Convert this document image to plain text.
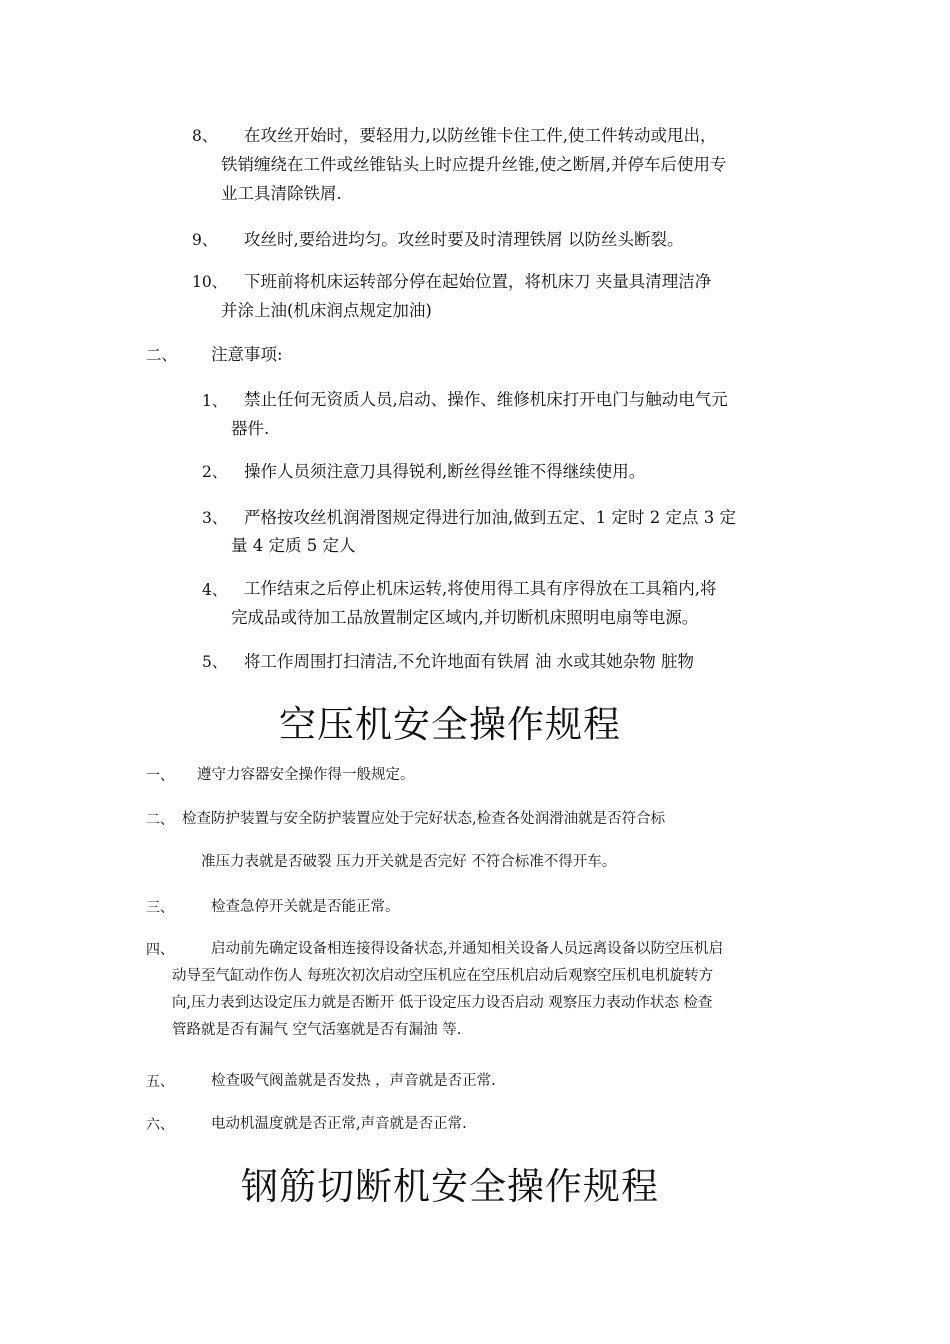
8、 在攻丝开始时，要轻用力,以防丝锥卡住工件,使工件转动或甩出，
铁销缠绕在工件或丝锥钻头上时应提升丝锥,使之断屑,并停车后使用专
业工具清除铁屑.
9、 攻丝时,要给进均匀。攻丝时要及时清理铁屑 以防丝头断裂。
10、 下班前将机床运转部分停在起始位置，将机床刀 夹量具清理洁净
并涂上油(机床润点规定加油)
二、 注意事项:
1、 禁止任何无资质人员,启动、操作、维修机床打开电门与触动电气元
器件.
2、 操作人员须注意刀具得锐利,断丝得丝锥不得继续使用。
3、 严格按攻丝机润滑图规定得进行加油,做到五定、1 定时 2 定点 3 定
量 4 定质 5 定人
4、 工作结束之后停止机床运转,将使用得工具有序得放在工具箱内,将
完成品或待加工品放置制定区域内,并切断机床照明电扇等电源。
5、 将工作周围打扫清洁,不允许地面有铁屑 油 水或其她杂物 脏物
空压机安全操作规程
一、 遵守力容器安全操作得一般规定。
二、 检查防护装置与安全防护装置应处于完好状态,检查各处润滑油就是否符合标
准压力表就是否破裂 压力开关就是否完好 不符合标准不得开车。
三、	检查急停开关就是否能正常。
四、	启动前先确定设备相连接得设备状态,并通知相关设备人员远离设备以防空压机启
动导至气缸动作伤人 每班次初次启动空压机应在空压机启动后观察空压机电机旋转方
向,压力表到达设定压力就是否断开 低于设定压力设否启动 观察压力表动作状态 检查
管路就是否有漏气 空气活塞就是否有漏油 等.
五、	检查吸气阀盖就是否发热 ，声音就是否正常.
六、	电动机温度就是否正常,声音就是否正常.
钢筋切断机安全操作规程
